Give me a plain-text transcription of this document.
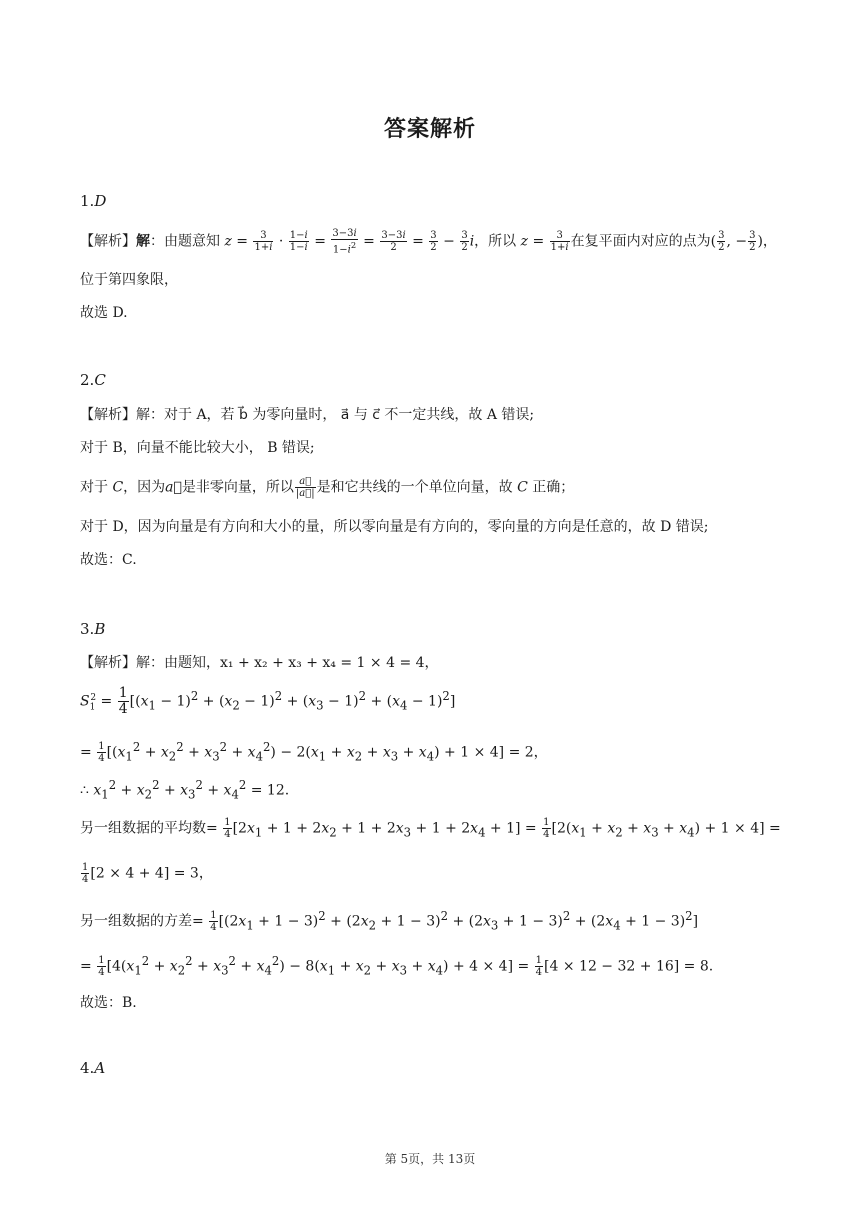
答案解析
1.D
【解析】解：由题意知 $z = \frac{3}{1+i} \cdot \frac{1-i}{1-i} = \frac{3-3i}{1-i^2} = \frac{3-3i}{2} = \frac{3}{2} - \frac{3}{2}$ i，所以 $z = \frac{3}{1+i}$ 在复平面内对应的点为( $\frac{3}{2}$ , − $\frac{3}{2}$ )，
位于第四象限，
故选 D.
2.C
【解析】解：对于 A，若 b⃗ 为零向量时， a⃗ 与 c⃗ 不一定共线，故 A 错误;
对于 B，向量不能比较大小， B 错误;
对于 C，因为a⃗是非零向量，所以 $\frac{a⃗}{|a⃗|}$ 是和它共线的一个单位向量，故 C 正确；
对于 D，因为向量是有方向和大小的量，所以零向量是有方向的，零向量的方向是任意的，故 D 错误;
故选：C.
3.B
【解析】解：由题知，x₁ + x₂ + x₃ + x₄ = 1 × 4 = 4，
$S_1^2 = \frac{1}{4} [(x_1 - 1)^2 + (x_2 - 1)^2 + (x_3 - 1)^2 + (x_4 - 1)^2]$
= $\frac{1}{4} [(x_1^2 + x_2^2 + x_3^2 + x_4^2) - 2(x_1 + x_2 + x_3 + x_4) + 1 \times 4] = 2$，
∴ $x_1^2 + x_2^2 + x_3^2 + x_4^2 = 12$.
另一组数据的平均数= $\frac{1}{4} [2x_1 + 1 + 2x_2 + 1 + 2x_3 + 1 + 2x_4 + 1] = \frac{1}{4} [2(x_1 + x_2 + x_3 + x_4) + 1 \times 4]$ =
$\frac{1}{4} [2 \times 4 + 4] = 3$，
另一组数据的方差= $\frac{1}{4} [(2x_1 + 1 - 3)^2 + (2x_2 + 1 - 3)^2 + (2x_3 + 1 - 3)^2 + (2x_4 + 1 - 3)^2]$
= $\frac{1}{4} [4(x_1^2 + x_2^2 + x_3^2 + x_4^2) - 8(x_1 + x_2 + x_3 + x_4) + 4 \times 4] = \frac{1}{4} [4 \times 12 - 32 + 16] = 8$.
故选：B.
4.A
第 5页，共 13页
